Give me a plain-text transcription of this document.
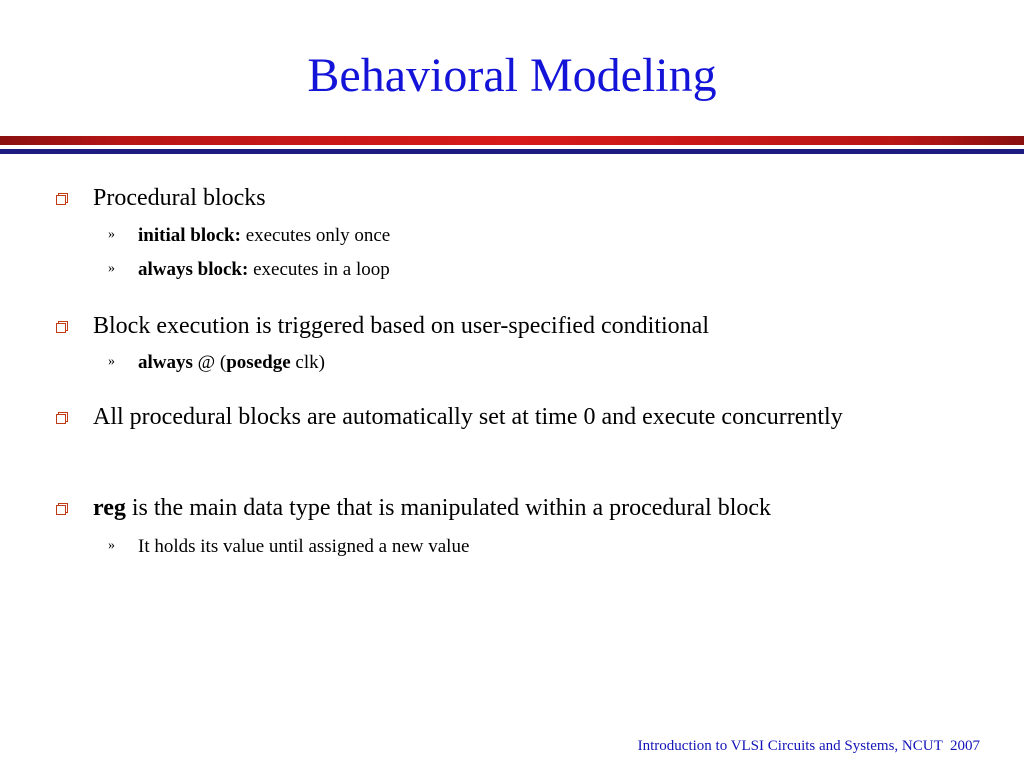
Behavioral Modeling
Procedural blocks
» initial block: executes only once
» always block: executes in a loop
Block execution is triggered based on user-specified conditional
» always @ (posedge clk)
All procedural blocks are automatically set at time 0 and execute concurrently
reg is the main data type that is manipulated within a procedural block
» It holds its value until assigned a new value
Introduction to VLSI Circuits and Systems, NCUT  2007
